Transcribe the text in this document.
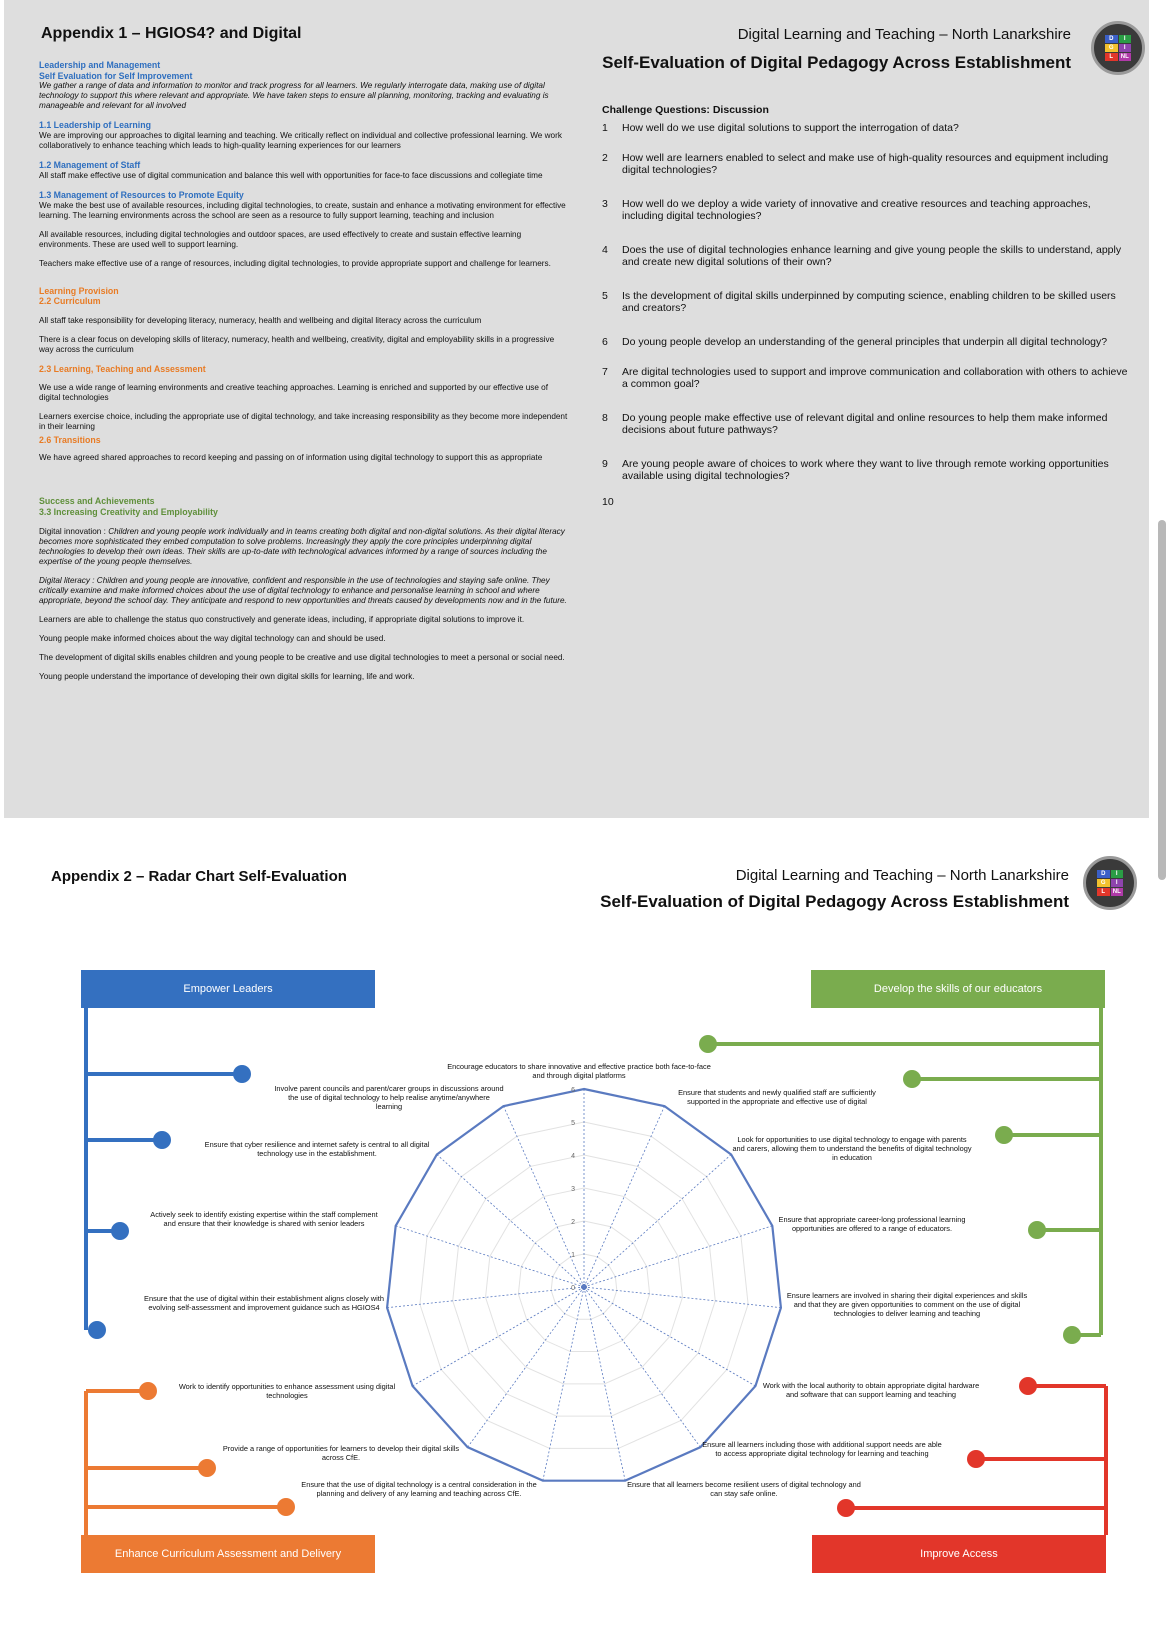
Appendix 1 – HGIOS4? and Digital	Digital Learning and Teaching – North Lanarkshire
Self-Evaluation of Digital Pedagogy Across Establishment
D	I
G	I
L	NL
Leadership and Management
Self Evaluation for Self Improvement

We gather a range of data and information to monitor and track progress for all learners. We regularly interrogate data, making use of digital technology to support this where relevant and appropriate. We have taken steps to ensure all planning, monitoring, tracking and evaluating is manageable and relevant for all involved

1.1 Leadership of Learning

We are improving our approaches to digital learning and teaching. We critically reflect on individual and collective professional learning. We work collaboratively to enhance teaching which leads to high-quality learning experiences for our learners

1.2 Management of Staff

All staff make effective use of digital communication and balance this well with opportunities for face-to face discussions and collegiate time

1.3 Management of Resources to Promote Equity

We make the best use of available resources, including digital technologies, to create, sustain and enhance a motivating environment for effective learning. The learning environments across the school are seen as a resource to fully support learning, teaching and inclusion

All available resources, including digital technologies and outdoor spaces, are used effectively to create and sustain effective learning environments. These are used well to support learning.

Teachers make effective use of a range of resources, including digital technologies, to provide appropriate support and challenge for learners.

Learning Provision
2.2 Curriculum

All staff take responsibility for developing literacy, numeracy, health and wellbeing and digital literacy across the curriculum

There is a clear focus on developing skills of literacy, numeracy, health and wellbeing, creativity, digital and employability skills in a progressive way across the curriculum

2.3 Learning, Teaching and Assessment

We use a wide range of learning environments and creative teaching approaches. Learning is enriched and supported by our effective use of digital technologies

Learners exercise choice, including the appropriate use of digital technology, and take increasing responsibility as they become more independent in their learning

2.6 Transitions

We have agreed shared approaches to record keeping and passing on of information using digital technology to support this as appropriate

Success and Achievements
3.3 Increasing Creativity and Employability

Digital innovation : Children and young people work individually and in teams creating both digital and non-digital solutions. As their digital literacy becomes more sophisticated they embed computation to solve problems. Increasingly they apply the core principles underpinning digital technologies to develop their own ideas. Their skills are up-to-date with technological advances informed by a range of sources including the expertise of the young people themselves.

Digital literacy : Children and young people are innovative, confident and responsible in the use of technologies and staying safe online. They critically examine and make informed choices about the use of digital technology to enhance and personalise learning in school and where appropriate, beyond the school day. They anticipate and respond to new opportunities and threats caused by developments now and in the future.

Learners are able to challenge the status quo constructively and generate ideas, including, if appropriate digital solutions to improve it.

Young people make informed choices about the way digital technology can and should be used.

The development of digital skills enables children and young people to be creative and use digital technologies to meet a personal or social need.

Young people understand the importance of developing their own digital skills for learning, life and work.

Challenge Questions: Discussion
1 How well do we use digital solutions to support the interrogation of data?
2 How well are learners enabled to select and make use of high-quality resources and equipment including digital technologies?
3 How well do we deploy a wide variety of innovative and creative resources and teaching approaches, including digital technologies?
4 Does the use of digital technologies enhance learning and give young people the skills to understand, apply and create new digital solutions of their own?
5 Is the development of digital skills underpinned by computing science, enabling children to be skilled users and creators?
6 Do young people develop an understanding of the general principles that underpin all digital technology?
7 Are digital technologies used to support and improve communication and collaboration with others to achieve a common goal?
8 Do young people make effective use of relevant digital and online resources to help them make informed decisions about future pathways?
9 Are young people aware of choices to work where they want to live through remote working opportunities available using digital technologies?
10
Appendix 2 – Radar Chart Self-Evaluation	Digital Learning and Teaching – North Lanarkshire
Self-Evaluation of Digital Pedagogy Across Establishment
D	I
G	I
L	NL
Empower Leaders	Develop the skills of our educators
Enhance Curriculum Assessment and Delivery	Improve Access
0
1
2
3
4
5
6
Encourage educators to share innovative and effective practice both face-to-face and through digital platforms
Ensure that students and newly qualified staff are sufficiently supported in the appropriate and effective use of digital
Look for opportunities to use digital technology to engage with parents and carers, allowing them to understand the benefits of digital technology in education
Ensure that appropriate career-long professional learning opportunities are offered to a range of educators.
Ensure learners are involved in sharing their digital experiences and skills and that they are given opportunities to comment on the use of digital technologies to deliver learning and teaching
Work with the local authority to obtain appropriate digital hardware and software that can support learning and teaching
Ensure all learners including those with additional support needs are able to access appropriate digital technology for learning and teaching
Ensure that all learners become resilient users of digital technology and can stay safe online.
Ensure that the use of digital technology is a central consideration in the planning and delivery of any learning and teaching across CfE.
Provide a range of opportunities for learners to develop their digital skills across CfE.
Work to identify opportunities to enhance assessment using digital technologies
Ensure that the use of digital within their establishment aligns closely with evolving self-assessment and improvement guidance such as HGIOS4
Actively seek to identify existing expertise within the staff complement and ensure that their knowledge is shared with senior leaders
Ensure that cyber resilience and internet safety is central to all digital technology use in the establishment.
Involve parent councils and parent/carer groups in discussions around the use of digital technology to help realise anytime/anywhere learning
